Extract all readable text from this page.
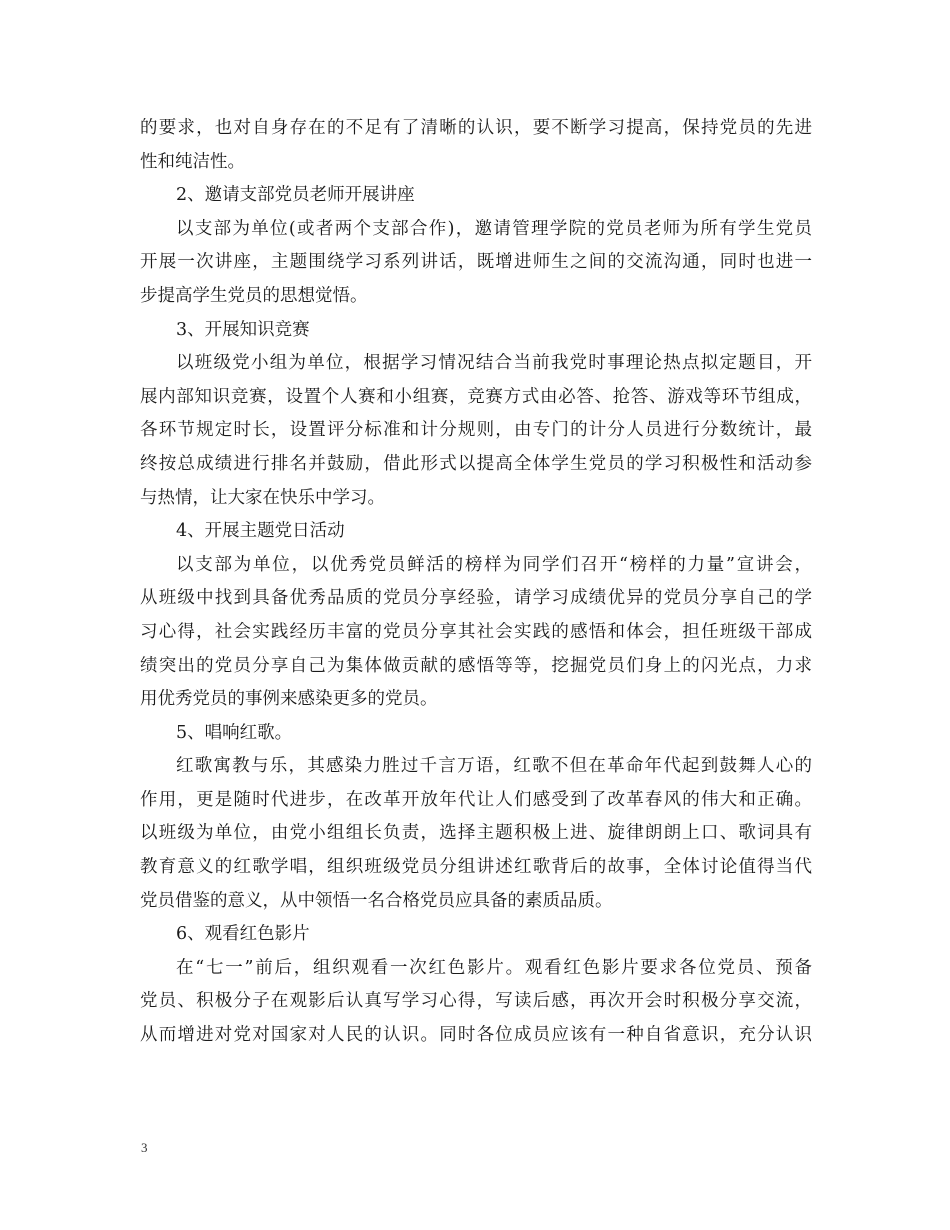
的要求，也对自身存在的不足有了清晰的认识，要不断学习提高，保持党员的先进
性和纯洁性。
2、邀请支部党员老师开展讲座
以支部为单位(或者两个支部合作)，邀请管理学院的党员老师为所有学生党员
开展一次讲座，主题围绕学习系列讲话，既增进师生之间的交流沟通，同时也进一
步提高学生党员的思想觉悟。
3、开展知识竞赛
以班级党小组为单位，根据学习情况结合当前我党时事理论热点拟定题目，开
展内部知识竞赛，设置个人赛和小组赛，竞赛方式由必答、抢答、游戏等环节组成，
各环节规定时长，设置评分标准和计分规则，由专门的计分人员进行分数统计，最
终按总成绩进行排名并鼓励，借此形式以提高全体学生党员的学习积极性和活动参
与热情，让大家在快乐中学习。
4、开展主题党日活动
以支部为单位，以优秀党员鲜活的榜样为同学们召开“榜样的力量”宣讲会，
从班级中找到具备优秀品质的党员分享经验，请学习成绩优异的党员分享自己的学
习心得，社会实践经历丰富的党员分享其社会实践的感悟和体会，担任班级干部成
绩突出的党员分享自己为集体做贡献的感悟等等，挖掘党员们身上的闪光点，力求
用优秀党员的事例来感染更多的党员。
5、唱响红歌。
红歌寓教与乐，其感染力胜过千言万语，红歌不但在革命年代起到鼓舞人心的
作用，更是随时代进步，在改革开放年代让人们感受到了改革春风的伟大和正确。
以班级为单位，由党小组组长负责，选择主题积极上进、旋律朗朗上口、歌词具有
教育意义的红歌学唱，组织班级党员分组讲述红歌背后的故事，全体讨论值得当代
党员借鉴的意义，从中领悟一名合格党员应具备的素质品质。
6、观看红色影片
在“七一”前后，组织观看一次红色影片。观看红色影片要求各位党员、预备
党员、积极分子在观影后认真写学习心得，写读后感，再次开会时积极分享交流，
从而增进对党对国家对人民的认识。同时各位成员应该有一种自省意识，充分认识
3
